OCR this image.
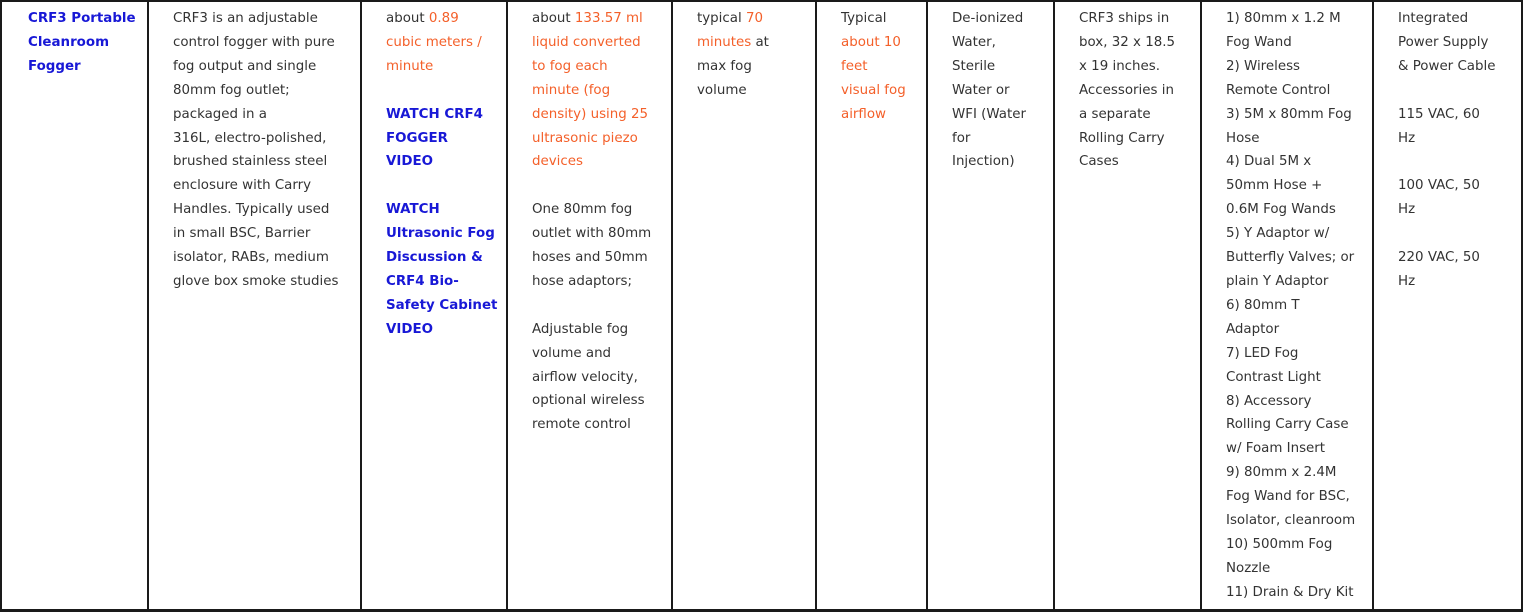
CRF3 Portable

Cleanroom

Fogger

CRF3 is an adjustable

control fogger with pure

fog output and single

80mm fog outlet;

packaged in a

316L, electro-polished,

brushed stainless steel

enclosure with Carry

Handles. Typically used

in small BSC, Barrier

isolator, RABs, medium

glove box smoke studies

about 0.89

cubic meters /

minute

WATCH CRF4
FOGGER
VIDEO
WATCH
Ultrasonic Fog
Discussion &
CRF4 Bio-
Safety Cabinet
VIDEO

about 133.57 ml

liquid converted

to fog each

minute (fog

density) using 25

ultrasonic piezo

devices

One 80mm fog

outlet with 80mm

hoses and 50mm

hose adaptors;

Adjustable fog

volume and

airflow velocity,

optional wireless

remote control

typical 70

minutes at

max fog

volume

Typical

about 10

feet

visual fog

airflow

De-ionized

Water,

Sterile

Water or

WFI (Water

for

Injection)

CRF3 ships in

box, 32 x 18.5

x 19 inches.

Accessories in

a separate

Rolling Carry

Cases

1) 80mm x 1.2 M

Fog Wand

2) Wireless

Remote Control

3) 5M x 80mm Fog

Hose

4) Dual 5M x

50mm Hose +

0.6M Fog Wands

5) Y Adaptor w/

Butterfly Valves; or

plain Y Adaptor

6) 80mm T

Adaptor

7) LED Fog

Contrast Light

8) Accessory

Rolling Carry Case

w/ Foam Insert

9) 80mm x 2.4M

Fog Wand for BSC,

Isolator, cleanroom

10) 500mm Fog

Nozzle

11) Drain & Dry Kit

Integrated

Power Supply

& Power Cable

115 VAC, 60

Hz

100 VAC, 50

Hz

220 VAC, 50

Hz
